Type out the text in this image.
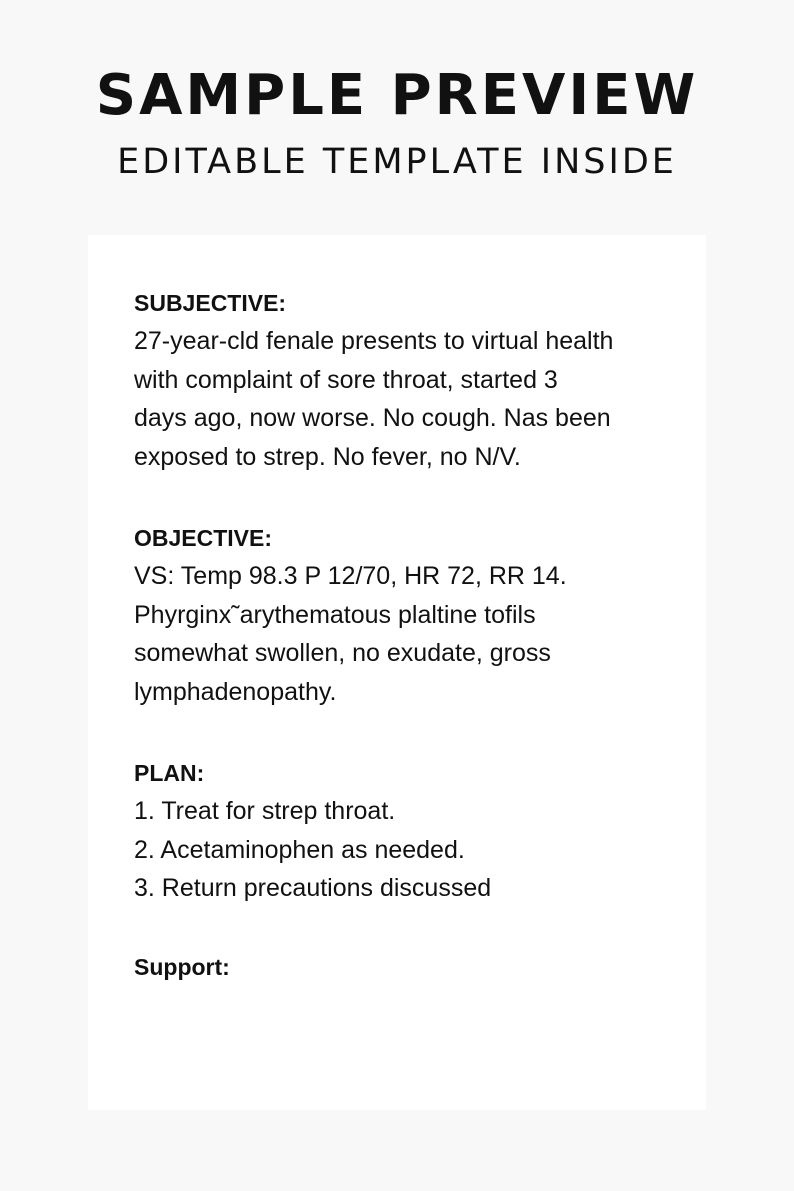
SAMPLE PREVIEW
EDITABLE TEMPLATE INSIDE

SUBJECTIVE:

27-year-cld fenale presents to virtual health

with complaint of sore throat, started 3

days ago, now worse. No cough. Nas been

exposed to strep. No fever, no N/V.

OBJECTIVE:

VS: Temp 98.3 P 12/70, HR 72, RR 14.

Phyrginx˜arythematous plaltine tofils

somewhat swollen, no exudate, gross

lymphadenopathy.

PLAN:

1. Treat for strep throat.

2. Acetaminophen as needed.

3. Return precautions discussed

Support:
